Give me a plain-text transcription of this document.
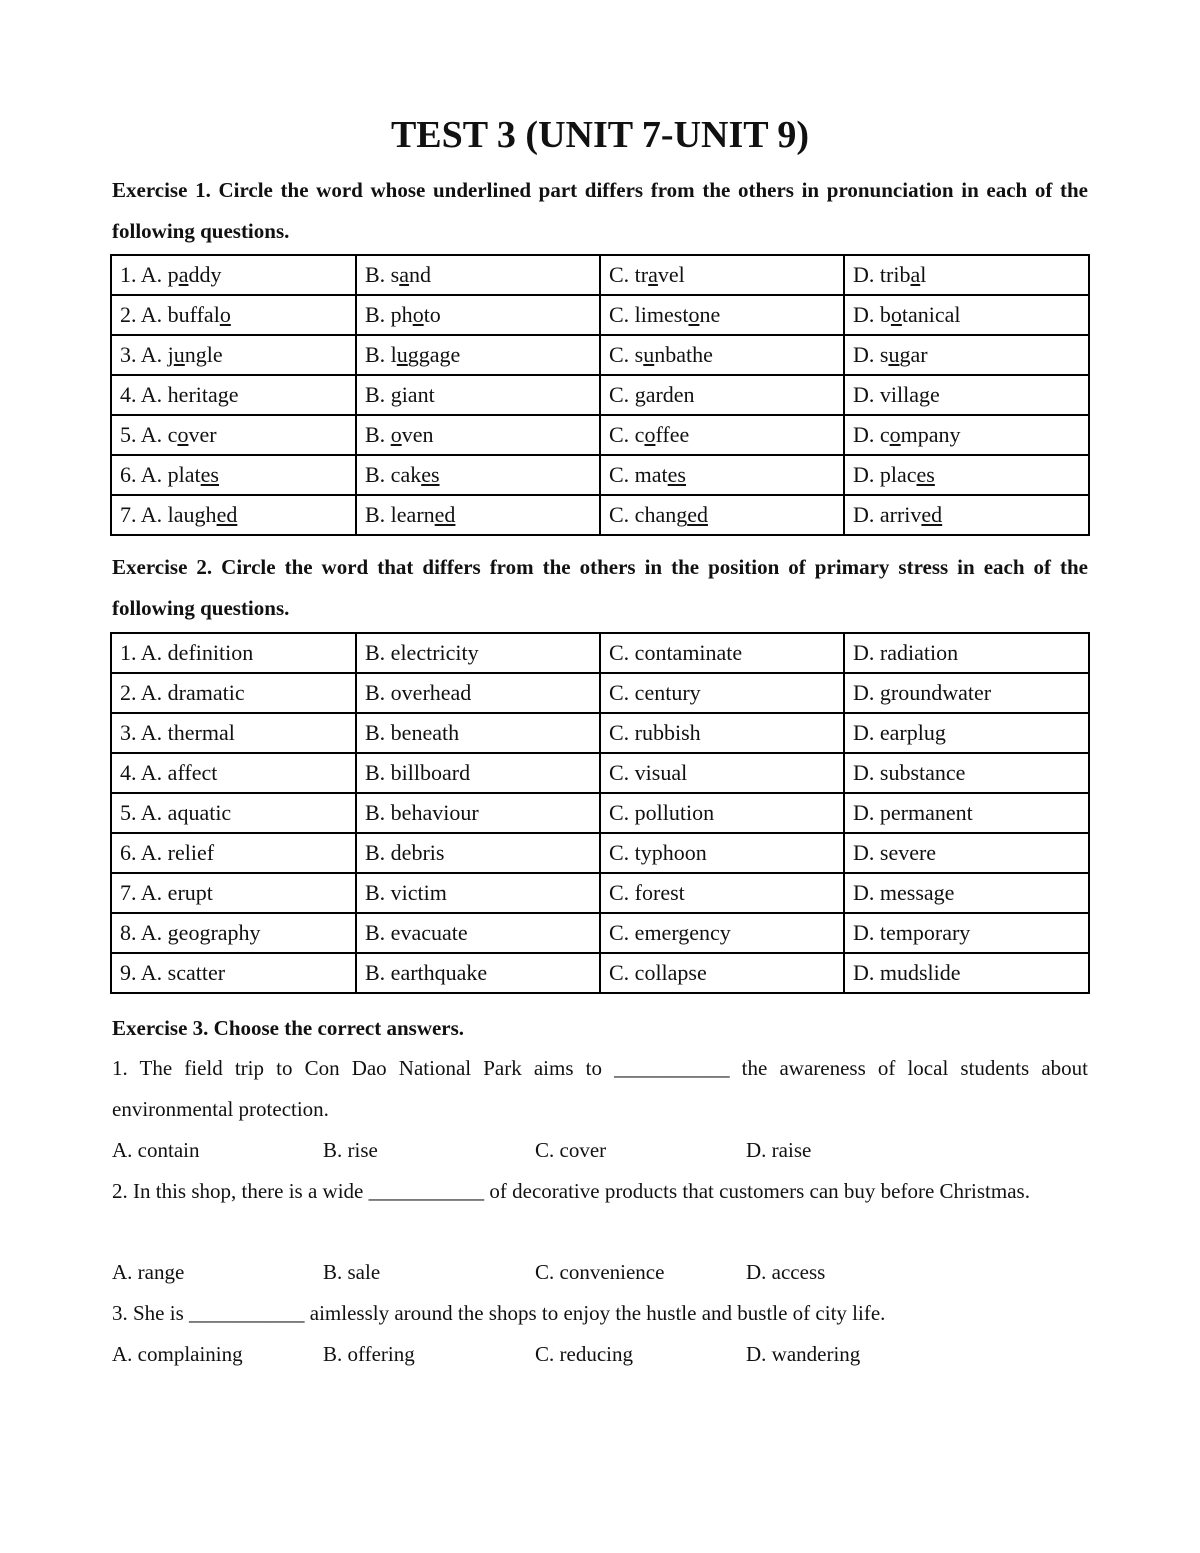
TEST 3 (UNIT 7-UNIT 9)
Exercise 1. Circle the word whose underlined part differs from the others in pronunciation in each of the following questions.
1. A. paddy	B. sand	C. travel	D. tribal
2. A. buffalo	B. photo	C. limestone	D. botanical
3. A. jungle	B. luggage	C. sunbathe	D. sugar
4. A. heritage	B. giant	C. garden	D. village
5. A. cover	B. oven	C. coffee	D. company
6. A. plates	B. cakes	C. mates	D. places
7. A. laughed	B. learned	C. changed	D. arrived
Exercise 2. Circle the word that differs from the others in the position of primary stress in each of the following questions.
1. A. definition	B. electricity	C. contaminate	D. radiation
2. A. dramatic	B. overhead	C. century	D. groundwater
3. A. thermal	B. beneath	C. rubbish	D. earplug
4. A. affect	B. billboard	C. visual	D. substance
5. A. aquatic	B. behaviour	C. pollution	D. permanent
6. A. relief	B. debris	C. typhoon	D. severe
7. A. erupt	B. victim	C. forest	D. message
8. A. geography	B. evacuate	C. emergency	D. temporary
9. A. scatter	B. earthquake	C. collapse	D. mudslide
Exercise 3. Choose the correct answers.
1. The field trip to Con Dao National Park aims to ___________ the awareness of local students about environmental protection.
A. contain	B. rise	C. cover	D. raise
2. In this shop, there is a wide ___________ of decorative products that customers can buy before Christmas.
A. range	B. sale	C. convenience	D. access
3. She is ___________ aimlessly around the shops to enjoy the hustle and bustle of city life.
A. complaining	B. offering	C. reducing	D. wandering
